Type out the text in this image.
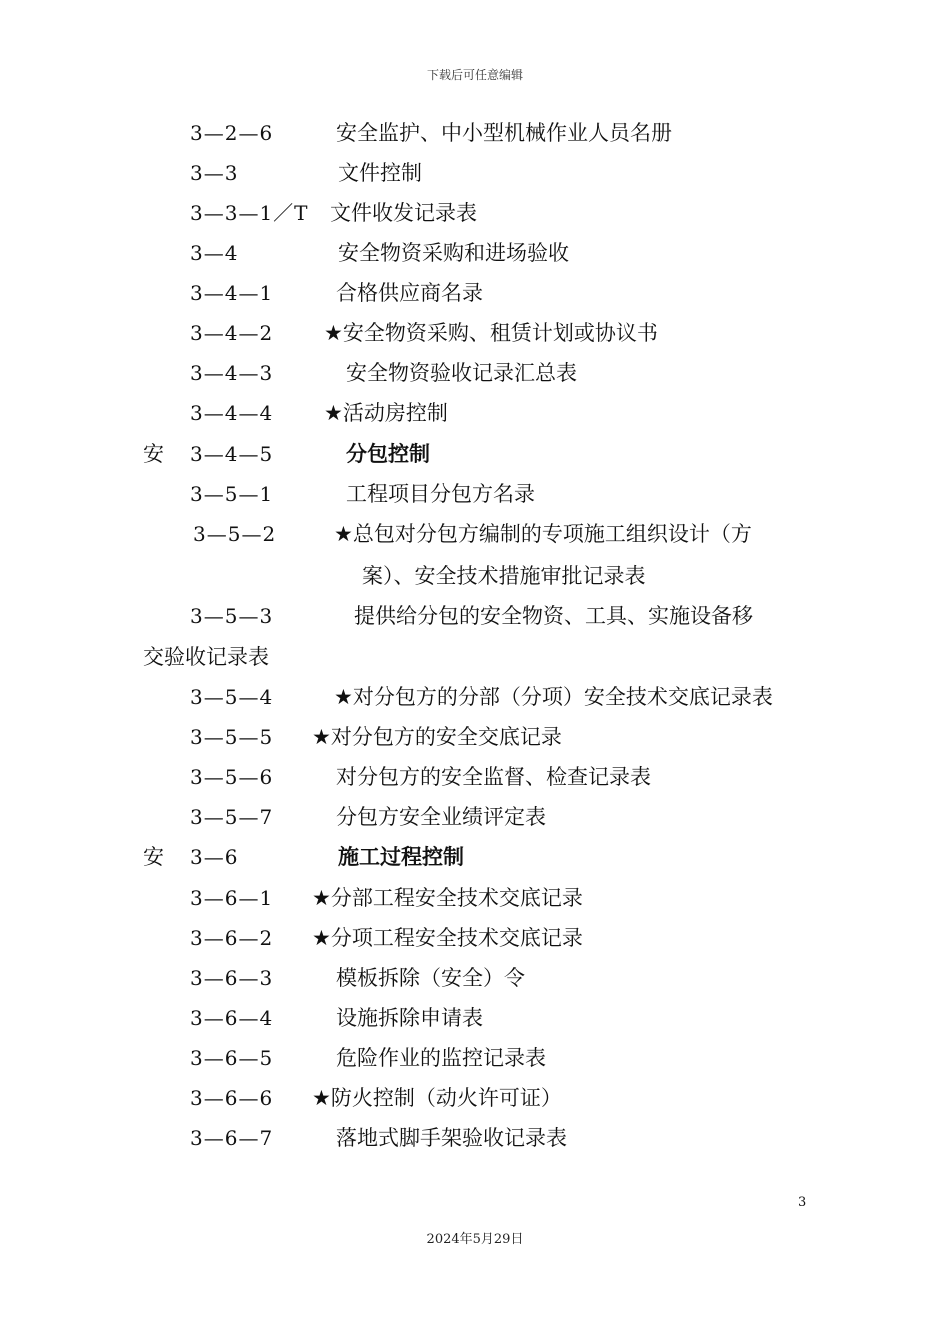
下载后可任意编辑
3—2—6	安全监护、中小型机械作业人员名册
3—3	文件控制
3—3—1／T 文件收发记录表
3—4	安全物资采购和进场验收
3—4—1	合格供应商名录
3—4—2 ★安全物资采购、租赁计划或协议书
3—4—3	安全物资验收记录汇总表
3—4—4 ★活动房控制
安 3—4—5	分包控制
3—5—1	工程项目分包方名录
3—5—2	★总包对分包方编制的专项施工组织设计（方
案）、安全技术措施审批记录表
3—5—3	提供给分包的安全物资、工具、实施设备移
交验收记录表
3—5—4	★对分包方的分部（分项）安全技术交底记录表
3—5—5 ★对分包方的安全交底记录
3—5—6	对分包方的安全监督、检查记录表
3—5—7	分包方安全业绩评定表
安 3—6	施工过程控制
3—6—1 ★分部工程安全技术交底记录
3—6—2 ★分项工程安全技术交底记录
3—6—3	模板拆除（安全）令
3—6—4	设施拆除申请表
3—6—5	危险作业的监控记录表
3—6—6 ★防火控制（动火许可证）
3—6—7	落地式脚手架验收记录表
3
2024年5月29日
